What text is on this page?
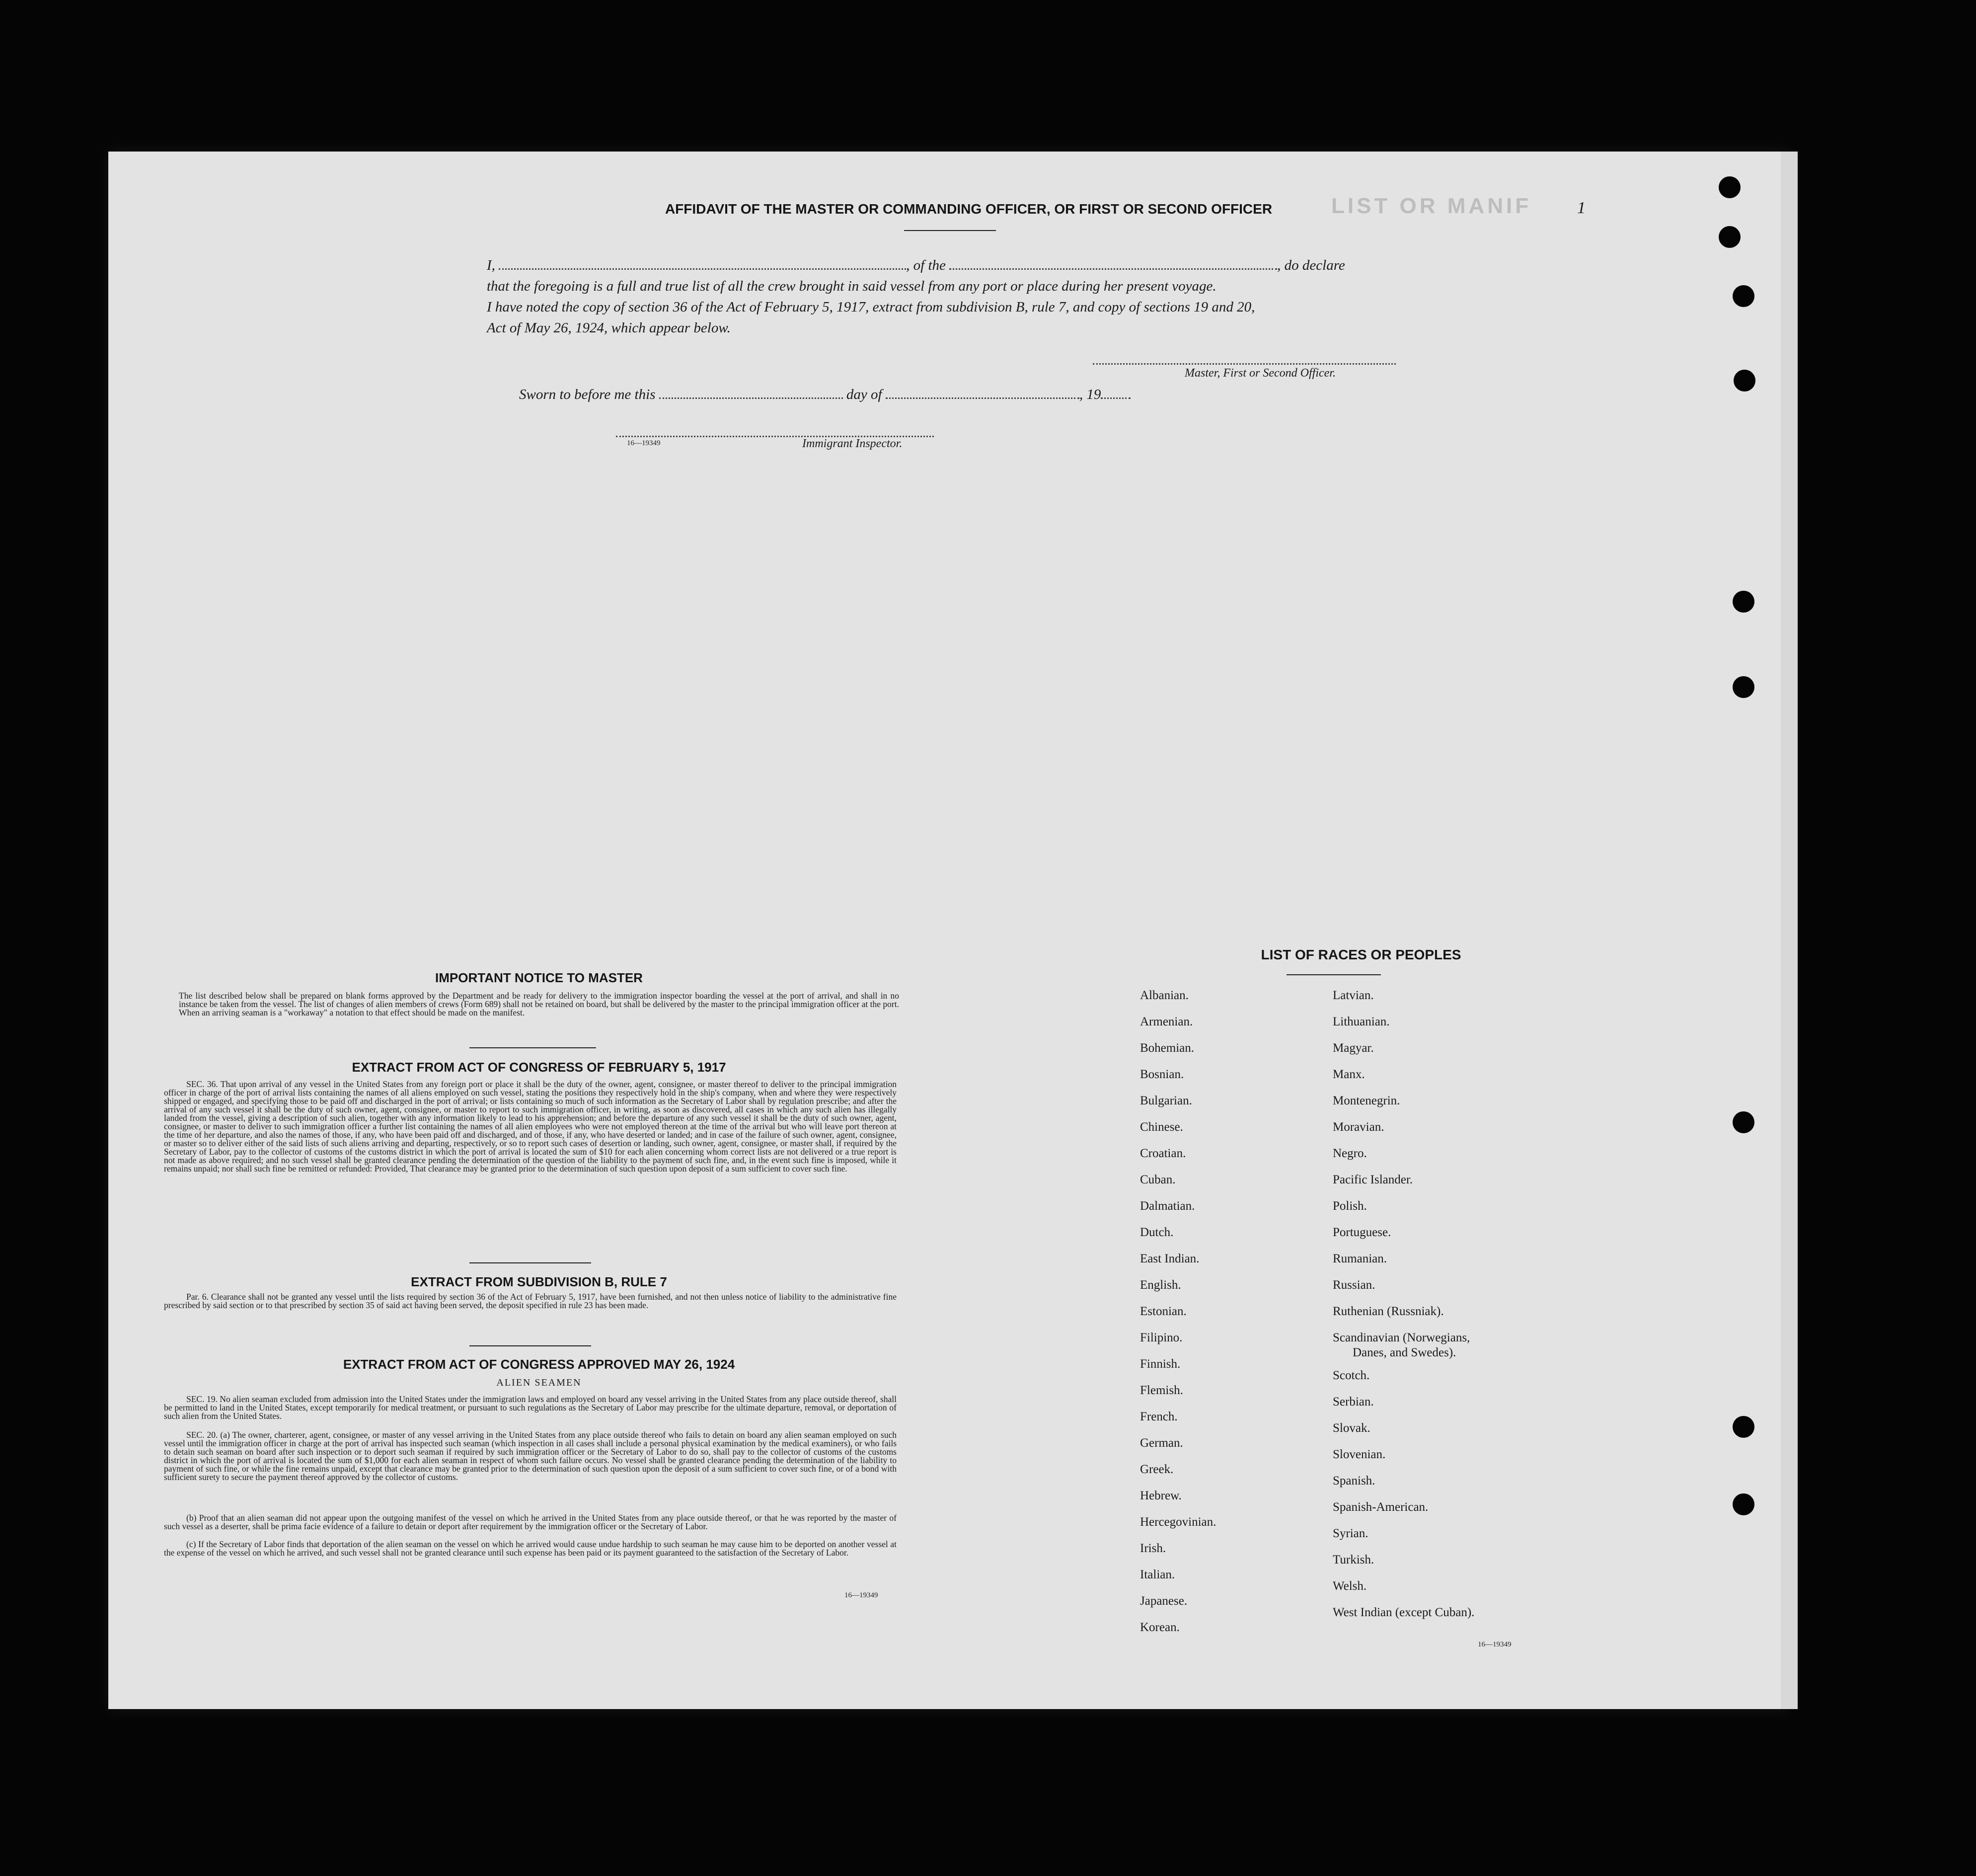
LIST OR MANIF	1
AFFIDAVIT OF THE MASTER OR COMMANDING OFFICER, OR FIRST OR SECOND OFFICER
I,	, of the	, do declare
that the foregoing is a full and true list of all the crew brought in said vessel from any port or place during her present voyage.
I have noted the copy of section 36 of the Act of February 5, 1917, extract from subdivision B, rule 7, and copy of sections 19 and 20,
Act of May 26, 1924, which appear below.
Master, First or Second Officer.
Sworn to before me this	day of	, 19
16—19349	Immigrant Inspector.
IMPORTANT NOTICE TO MASTER
The list described below shall be prepared on blank forms approved by the Department and be ready for delivery to the immigration inspector boarding the vessel at the port of arrival, and shall in no instance be taken from the vessel. The list of changes of alien members of crews (Form 689) shall not be retained on board, but shall be delivered by the master to the principal immigration officer at the port. When an arriving seaman is a "workaway" a notation to that effect should be made on the manifest.
EXTRACT FROM ACT OF CONGRESS OF FEBRUARY 5, 1917
SEC. 36. That upon arrival of any vessel in the United States from any foreign port or place it shall be the duty of the owner, agent, consignee, or master thereof to deliver to the principal immigration officer in charge of the port of arrival lists containing the names of all aliens employed on such vessel, stating the positions they respectively hold in the ship's company, when and where they were respectively shipped or engaged, and specifying those to be paid off and discharged in the port of arrival; or lists containing so much of such information as the Secretary of Labor shall by regulation prescribe; and after the arrival of any such vessel it shall be the duty of such owner, agent, consignee, or master to report to such immigration officer, in writing, as soon as discovered, all cases in which any such alien has illegally landed from the vessel, giving a description of such alien, together with any information likely to lead to his apprehension; and before the departure of any such vessel it shall be the duty of such owner, agent, consignee, or master to deliver to such immigration officer a further list containing the names of all alien employees who were not employed thereon at the time of the arrival but who will leave port thereon at the time of her departure, and also the names of those, if any, who have been paid off and discharged, and of those, if any, who have deserted or landed; and in case of the failure of such owner, agent, consignee, or master so to deliver either of the said lists of such aliens arriving and departing, respectively, or so to report such cases of desertion or landing, such owner, agent, consignee, or master shall, if required by the Secretary of Labor, pay to the collector of customs of the customs district in which the port of arrival is located the sum of $10 for each alien concerning whom correct lists are not delivered or a true report is not made as above required; and no such vessel shall be granted clearance pending the determination of the question of the liability to the payment of such fine, and, in the event such fine is imposed, while it remains unpaid; nor shall such fine be remitted or refunded: Provided, That clearance may be granted prior to the determination of such question upon deposit of a sum sufficient to cover such fine.
EXTRACT FROM SUBDIVISION B, RULE 7
Par. 6. Clearance shall not be granted any vessel until the lists required by section 36 of the Act of February 5, 1917, have been furnished, and not then unless notice of liability to the administrative fine prescribed by said section or to that prescribed by section 35 of said act having been served, the deposit specified in rule 23 has been made.
EXTRACT FROM ACT OF CONGRESS APPROVED MAY 26, 1924
ALIEN SEAMEN
SEC. 19. No alien seaman excluded from admission into the United States under the immigration laws and employed on board any vessel arriving in the United States from any place outside thereof, shall be permitted to land in the United States, except temporarily for medical treatment, or pursuant to such regulations as the Secretary of Labor may prescribe for the ultimate departure, removal, or deportation of such alien from the United States.
SEC. 20. (a) The owner, charterer, agent, consignee, or master of any vessel arriving in the United States from any place outside thereof who fails to detain on board any alien seaman employed on such vessel until the immigration officer in charge at the port of arrival has inspected such seaman (which inspection in all cases shall include a personal physical examination by the medical examiners), or who fails to detain such seaman on board after such inspection or to deport such seaman if required by such immigration officer or the Secretary of Labor to do so, shall pay to the collector of customs of the customs district in which the port of arrival is located the sum of $1,000 for each alien seaman in respect of whom such failure occurs. No vessel shall be granted clearance pending the determination of the liability to payment of such fine, or while the fine remains unpaid, except that clearance may be granted prior to the determination of such question upon the deposit of a sum sufficient to cover such fine, or of a bond with sufficient surety to secure the payment thereof approved by the collector of customs.
(b) Proof that an alien seaman did not appear upon the outgoing manifest of the vessel on which he arrived in the United States from any place outside thereof, or that he was reported by the master of such vessel as a deserter, shall be prima facie evidence of a failure to detain or deport after requirement by the immigration officer or the Secretary of Labor.
(c) If the Secretary of Labor finds that deportation of the alien seaman on the vessel on which he arrived would cause undue hardship to such seaman he may cause him to be deported on another vessel at the expense of the vessel on which he arrived, and such vessel shall not be granted clearance until such expense has been paid or its payment guaranteed to the satisfaction of the Secretary of Labor.
16—19349
LIST OF RACES OR PEOPLES
Albanian.
Armenian.
Bohemian.
Bosnian.
Bulgarian.
Chinese.
Croatian.
Cuban.
Dalmatian.
Dutch.
East Indian.
English.
Estonian.
Filipino.
Finnish.
Flemish.
French.
German.
Greek.
Hebrew.
Hercegovinian.
Irish.
Italian.
Japanese.
Korean.
Latvian.
Lithuanian.
Magyar.
Manx.
Montenegrin.
Moravian.
Negro.
Pacific Islander.
Polish.
Portuguese.
Rumanian.
Russian.
Ruthenian (Russniak).
Scandinavian (Norwegians,
Danes, and Swedes).
Scotch.
Serbian.
Slovak.
Slovenian.
Spanish.
Spanish-American.
Syrian.
Turkish.
Welsh.
West Indian (except Cuban).
16—19349
